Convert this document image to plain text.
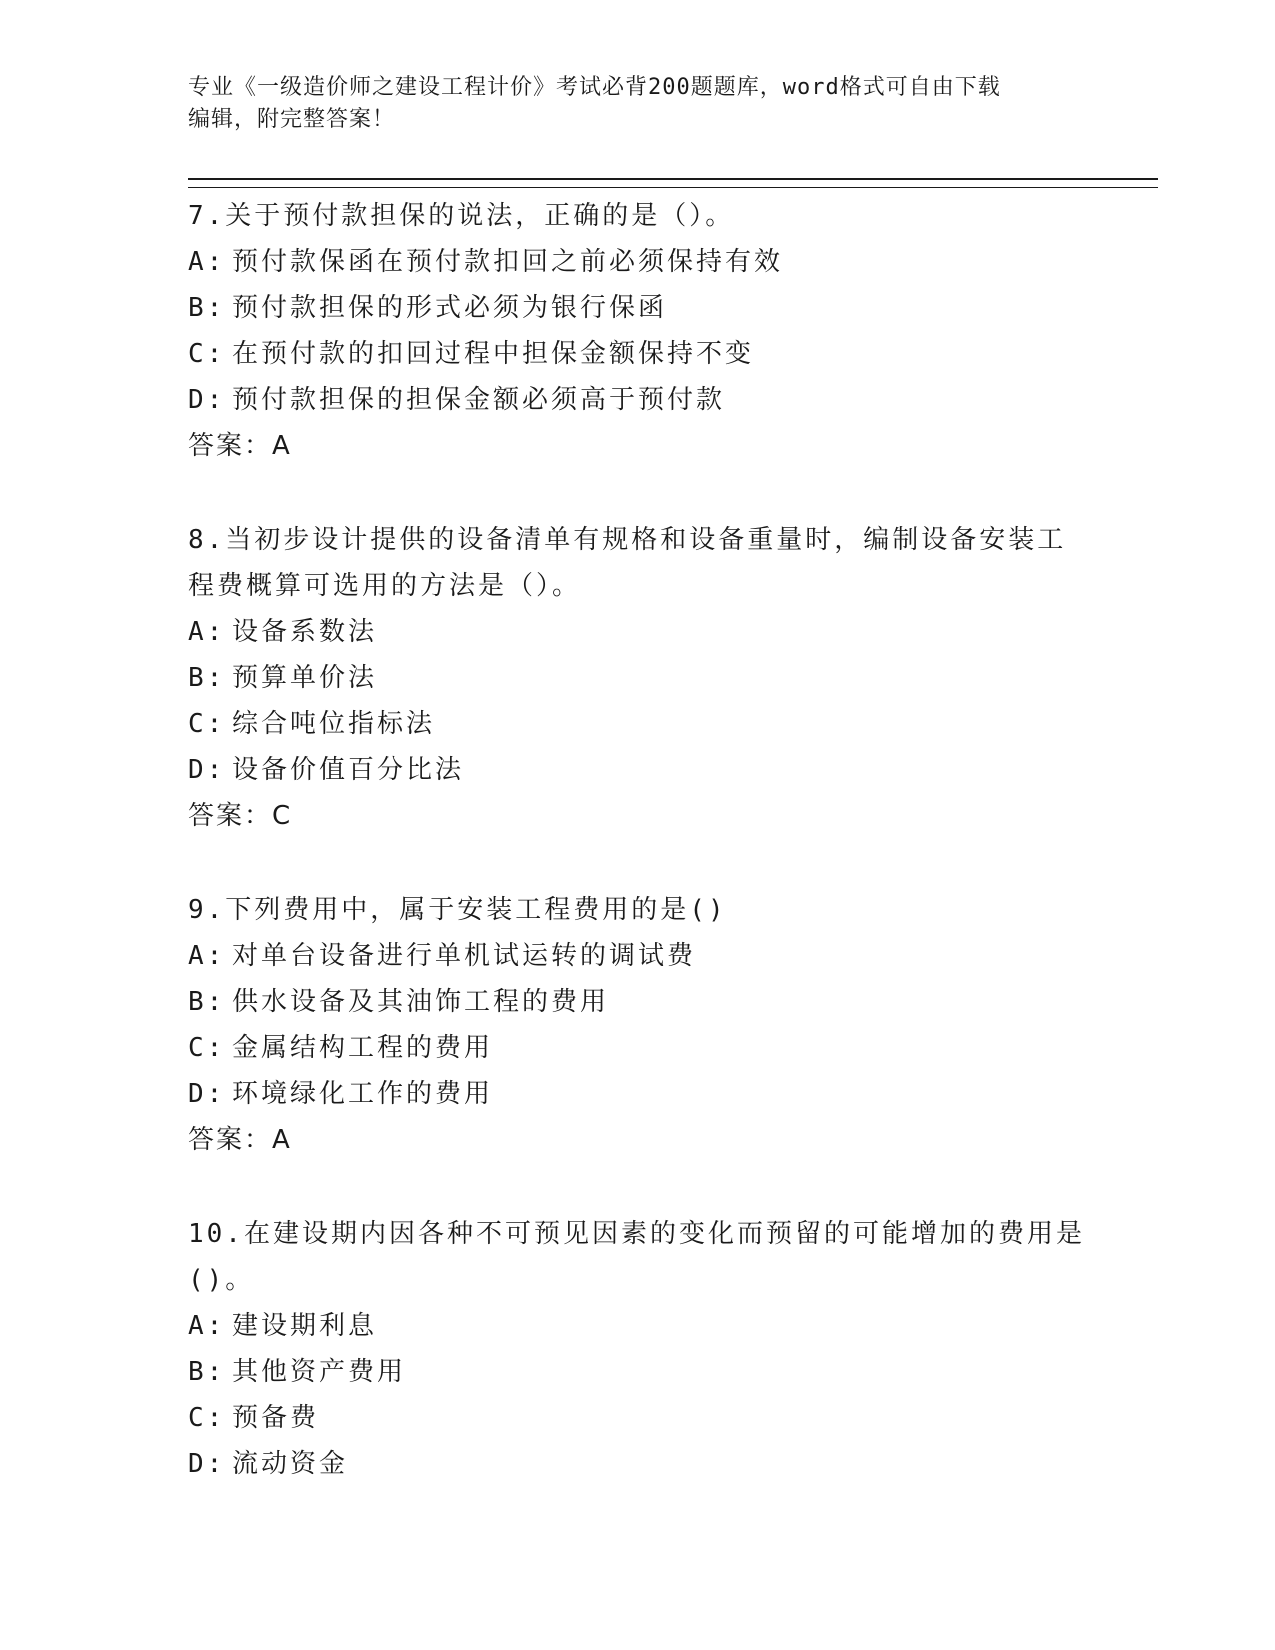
专业《一级造价师之建设工程计价》考试必背200题题库，word格式可自由下载
编辑，附完整答案！
7.关于预付款担保的说法，正确的是（）。
A: 预付款保函在预付款扣回之前必须保持有效
B: 预付款担保的形式必须为银行保函
C: 在预付款的扣回过程中担保金额保持不变
D: 预付款担保的担保金额必须高于预付款
答案：A
8.当初步设计提供的设备清单有规格和设备重量时，编制设备安装工程费概算可选用的方法是（）。
A: 设备系数法
B: 预算单价法
C: 综合吨位指标法
D: 设备价值百分比法
答案：C
9.下列费用中，属于安装工程费用的是()
A: 对单台设备进行单机试运转的调试费
B: 供水设备及其油饰工程的费用
C: 金属结构工程的费用
D: 环境绿化工作的费用
答案：A
10.在建设期内因各种不可预见因素的变化而预留的可能增加的费用是()。
A: 建设期利息
B: 其他资产费用
C: 预备费
D: 流动资金
